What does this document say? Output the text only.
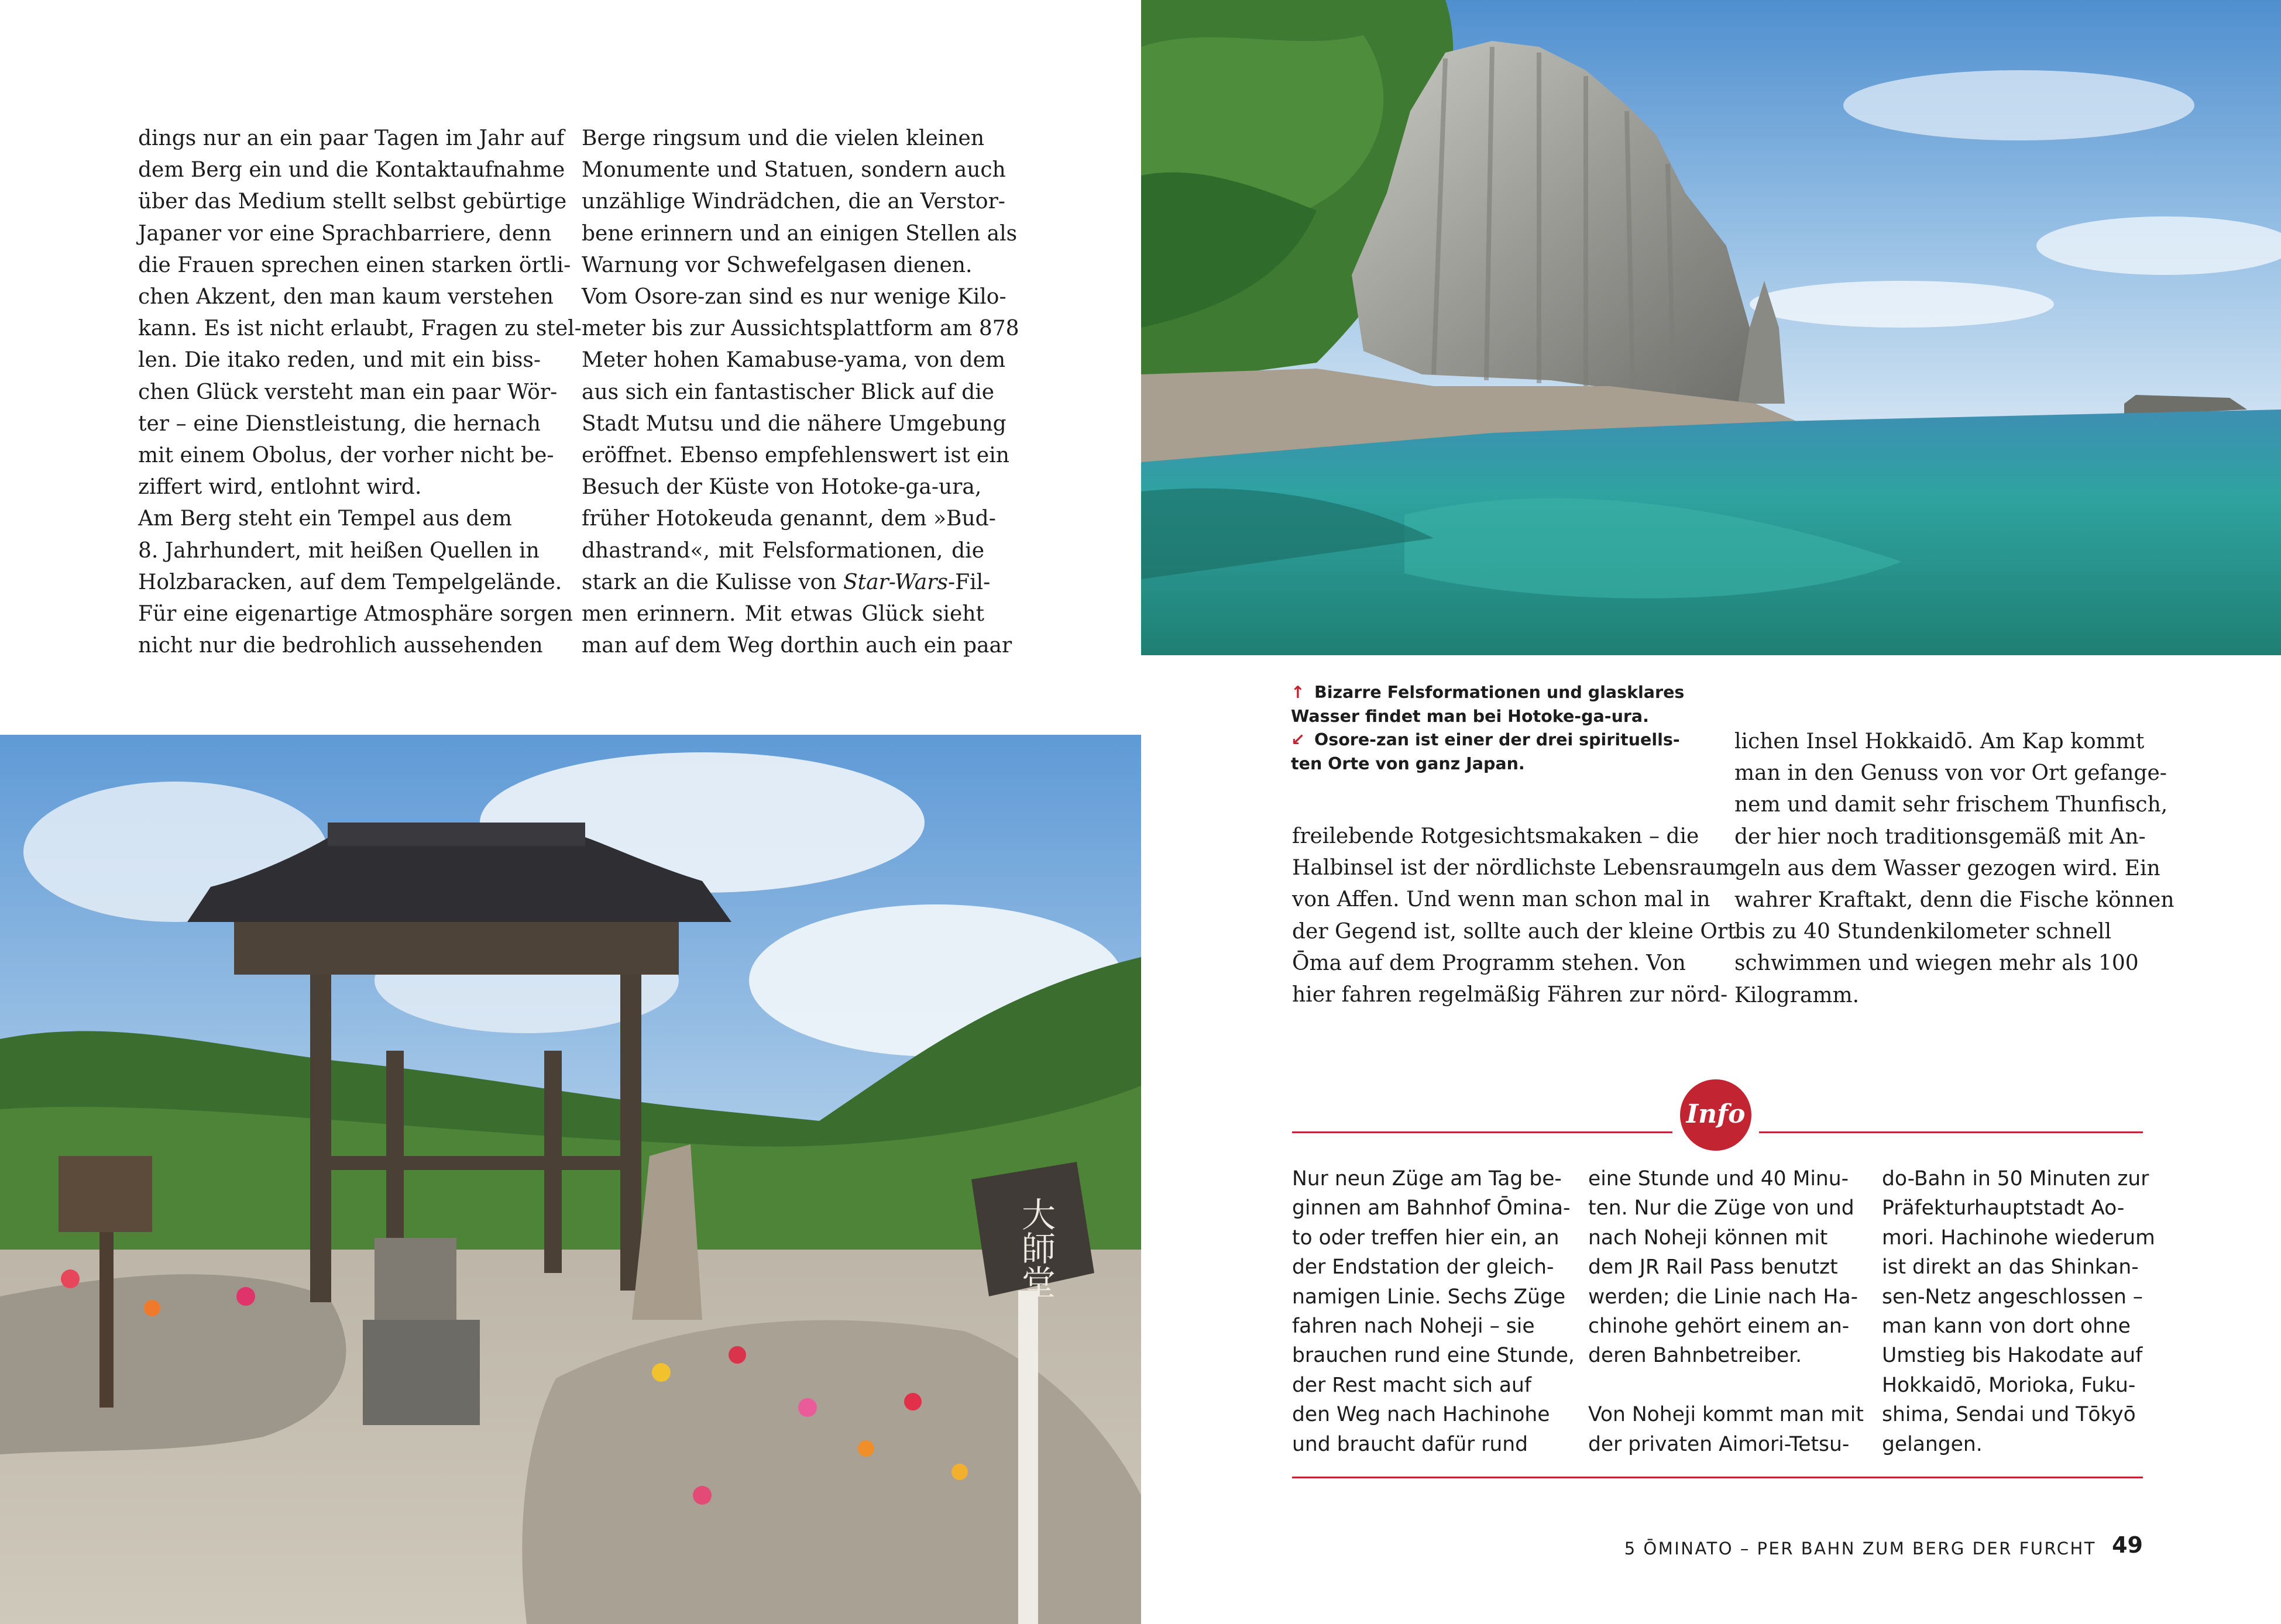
大師堂
dings nur an ein paar Tagen im Jahr auf
dem Berg ein und die Kontaktaufnahme
über das Medium stellt selbst gebürtige
Japaner vor eine Sprachbarriere, denn
die Frauen sprechen einen starken örtli-
chen Akzent, den man kaum verstehen
kann. Es ist nicht erlaubt, Fragen zu stel-
len. Die itako reden, und mit ein biss-
chen Glück versteht man ein paar Wör-
ter – eine Dienstleistung, die hernach
mit einem Obolus, der vorher nicht be-
ziffert wird, entlohnt wird.
Am Berg steht ein Tempel aus dem
8. Jahrhundert, mit heißen Quellen in
Holzbaracken, auf dem Tempelgelände.
Für eine eigenartige Atmosphäre sorgen
nicht nur die bedrohlich aussehenden
Berge ringsum und die vielen kleinen
Monumente und Statuen, sondern auch
unzählige Windrädchen, die an Verstor-
bene erinnern und an einigen Stellen als
Warnung vor Schwefelgasen dienen.
Vom Osore-zan sind es nur wenige Kilo-
meter bis zur Aussichtsplattform am 878
Meter hohen Kamabuse-yama, von dem
aus sich ein fantastischer Blick auf die
Stadt Mutsu und die nähere Umgebung
eröffnet. Ebenso empfehlenswert ist ein
Besuch der Küste von Hotoke-ga-ura,
früher Hotokeuda genannt, dem »Bud-
dhastrand«, mit Felsformationen, die
stark an die Kulisse von Star-Wars-Fil-
men erinnern. Mit etwas Glück sieht
man auf dem Weg dorthin auch ein paar
↑ Bizarre Felsformationen und glasklares
Wasser findet man bei Hotoke-ga-ura.
↙ Osore-zan ist einer der drei spirituells-
ten Orte von ganz Japan.
freilebende Rotgesichtsmakaken – die
Halbinsel ist der nördlichste Lebensraum
von Affen. Und wenn man schon mal in
der Gegend ist, sollte auch der kleine Ort
Ōma auf dem Programm stehen. Von
hier fahren regelmäßig Fähren zur nörd-
lichen Insel Hokkaidō. Am Kap kommt
man in den Genuss von vor Ort gefange-
nem und damit sehr frischem Thunfisch,
der hier noch traditionsgemäß mit An-
geln aus dem Wasser gezogen wird. Ein
wahrer Kraftakt, denn die Fische können
bis zu 40 Stundenkilometer schnell
schwimmen und wiegen mehr als 100
Kilogramm.
Info
Nur neun Züge am Tag be-
ginnen am Bahnhof Ōmina-
to oder treffen hier ein, an
der Endstation der gleich-
namigen Linie. Sechs Züge
fahren nach Noheji – sie
brauchen rund eine Stunde,
der Rest macht sich auf
den Weg nach Hachinohe
und braucht dafür rund
eine Stunde und 40 Minu-
ten. Nur die Züge von und
nach Noheji können mit
dem JR Rail Pass benutzt
werden; die Linie nach Ha-
chinohe gehört einem an-
deren Bahnbetreiber.

Von Noheji kommt man mit
der privaten Aimori-Tetsu-
do-Bahn in 50 Minuten zur
Präfekturhauptstadt Ao-
mori. Hachinohe wiederum
ist direkt an das Shinkan-
sen-Netz angeschlossen –
man kann von dort ohne
Umstieg bis Hakodate auf
Hokkaidō, Morioka, Fuku-
shima, Sendai und Tōkyō
gelangen.
5 ŌMINATO – PER BAHN ZUM BERG DER FURCHT 49
